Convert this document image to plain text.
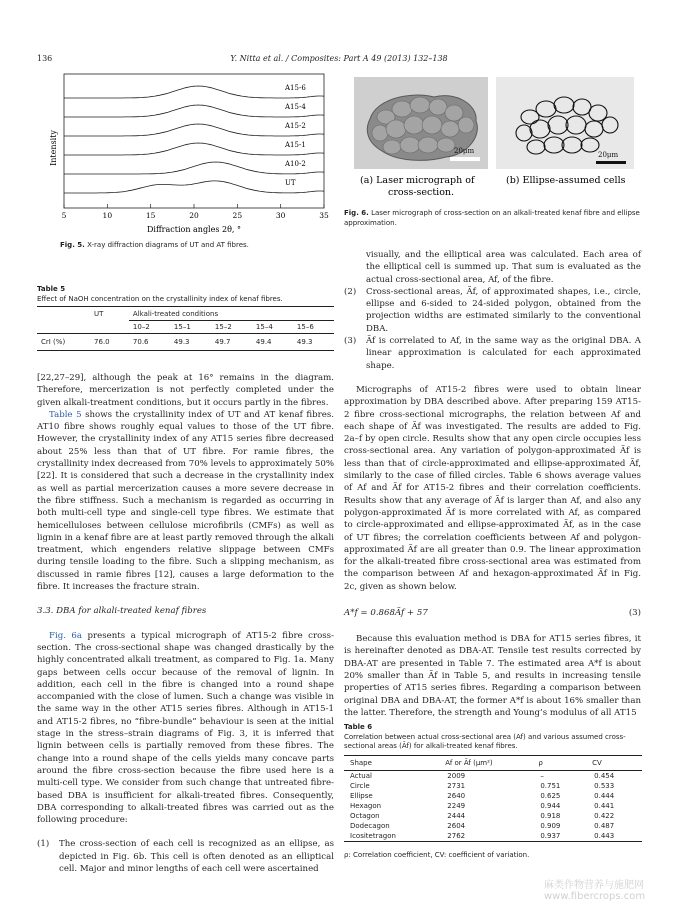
136	Y. Nitta et al. / Composites: Part A 49 (2013) 132–138
A15-6
A15-4
A15-2
A15-1
A10-2
UT
5	10	15	20	25	30	35
Intensity
Diffraction angles 2θ, °
Fig. 5. X-ray diffraction diagrams of UT and AT fibres.
Table 5
Effect of NaOH concentration on the crystallinity index of kenaf fibres.
	UT	Alkali-treated conditions				
		10–2	15–1	15–2	15–4	15–6
CrI (%)	76.0	70.6	49.3	49.7	49.4	49.3
20μm	20μm
(a) Laser micrograph of
cross-section.
(b) Ellipse-assumed cells
Fig. 6. Laser micrograph of cross-section on an alkali-treated kenaf fibre and ellipse approximation.

[22,27–29], although the peak at 16° remains in the diagram. Therefore, mercerization is not perfectly completed under the given alkali-treatment conditions, but it occurs partly in the fibres.

Table 5 shows the crystallinity index of UT and AT kenaf fibres. AT10 fibre shows roughly equal values to those of the UT fibre. However, the crystallinity index of any AT15 series fibre decreased about 25% less than that of UT fibre. For ramie fibres, the crystallinity index decreased from 70% levels to approximately 50% [22]. It is considered that such a decrease in the crystallinity index as well as partial mercerization causes a more severe decrease in the fibre stiffness. Such a mechanism is regarded as occurring in both multi-cell type and single-cell type fibres. We estimate that hemicelluloses between cellulose microfibrils (CMFs) as well as lignin in a kenaf fibre are at least partly removed through the alkali treatment, which engenders relative slippage between CMFs during tensile loading to the fibre. Such a slipping mechanism, as discussed in ramie fibres [12], causes a large deformation to the fibre. It increases the fracture strain.

3.3. DBA for alkali-treated kenaf fibres

Fig. 6a presents a typical micrograph of AT15-2 fibre cross-section. The cross-sectional shape was changed drastically by the highly concentrated alkali treatment, as compared to Fig. 1a. Many gaps between cells occur because of the removal of lignin. In addition, each cell in the fibre is changed into a round shape accompanied with the close of lumen. Such a change was visible in the same way in the other AT15 series fibres. Although in AT15-1 and AT15-2 fibres, no “fibre-bundle” behaviour is seen at the initial stage in the stress–strain diagrams of Fig. 3, it is inferred that lignin between cells is partially removed from these fibres. The change into a round shape of the cells yields many concave parts around the fibre cross-section because the fibre used here is a multi-cell type. We consider from such change that untreated fibre-based DBA is insufficient for alkali-treated fibres. Consequently, DBA corresponding to alkali-treated fibres was carried out as the following procedure:

(1) The cross-section of each cell is recognized as an ellipse, as depicted in Fig. 6b. This cell is often denoted as an elliptical cell. Major and minor lengths of each cell were ascertained
visually, and the elliptical area was calculated. Each area of the elliptical cell is summed up. That sum is evaluated as the actual cross-sectional area, Af, of the fibre.
(2) Cross-sectional areas, Ãf, of approximated shapes, i.e., circle, ellipse and 6-sided to 24-sided polygon, obtained from the projection widths are estimated similarly to the conventional DBA.
(3) Ãf is correlated to Af, in the same way as the original DBA. A linear approximation is calculated for each approximated shape.

Micrographs of AT15-2 fibres were used to obtain linear approximation by DBA described above. After preparing 159 AT15-2 fibre cross-sectional micrographs, the relation between Af and each shape of Ãf was investigated. The results are added to Fig. 2a–f by open circle. Results show that any open circle occupies less cross-sectional area. Any variation of polygon-approximated Ãf is less than that of circle-approximated and ellipse-approximated Ãf, similarly to the case of filled circles. Table 6 shows average values of Af and Ãf for AT15-2 fibres and their correlation coefficients. Results show that any average of Ãf is larger than Af, and also any polygon-approximated Ãf is more correlated with Af, as compared to circle-approximated and ellipse-approximated Ãf, as in the case of UT fibres; the correlation coefficients between Af and polygon-approximated Ãf are all greater than 0.9. The linear approximation for the alkali-treated fibre cross-sectional area was estimated from the comparison between Af and hexagon-approximated Ãf in Fig. 2c, given as shown below.

A*f = 0.868Ãf + 57	(3)

Because this evaluation method is DBA for AT15 series fibres, it is hereinafter denoted as DBA-AT. Tensile test results corrected by DBA-AT are presented in Table 7. The estimated area A*f is about 20% smaller than Ãf in Table 5, and results in increasing tensile properties of AT15 series fibres. Regarding a comparison between original DBA and DBA-AT, the former A*f is about 16% smaller than the latter. Therefore, the strength and Young’s modulus of all AT15

Table 6
Correlation between actual cross-sectional area (Af) and various assumed cross-sectional areas (Ãf) for alkali-treated kenaf fibres.
Shape	Af or Ãf (μm²)	ρ	CV
Actual	2009	–	0.454
Circle	2731	0.751	0.533
Ellipse	2640	0.625	0.444
Hexagon	2249	0.944	0.441
Octagon	2444	0.918	0.422
Dodecagon	2604	0.909	0.487
Icositetragon	2762	0.937	0.443
ρ: Correlation coefficient, CV: coefficient of variation.
麻类作物营养与施肥网 www.fibercrops.com
